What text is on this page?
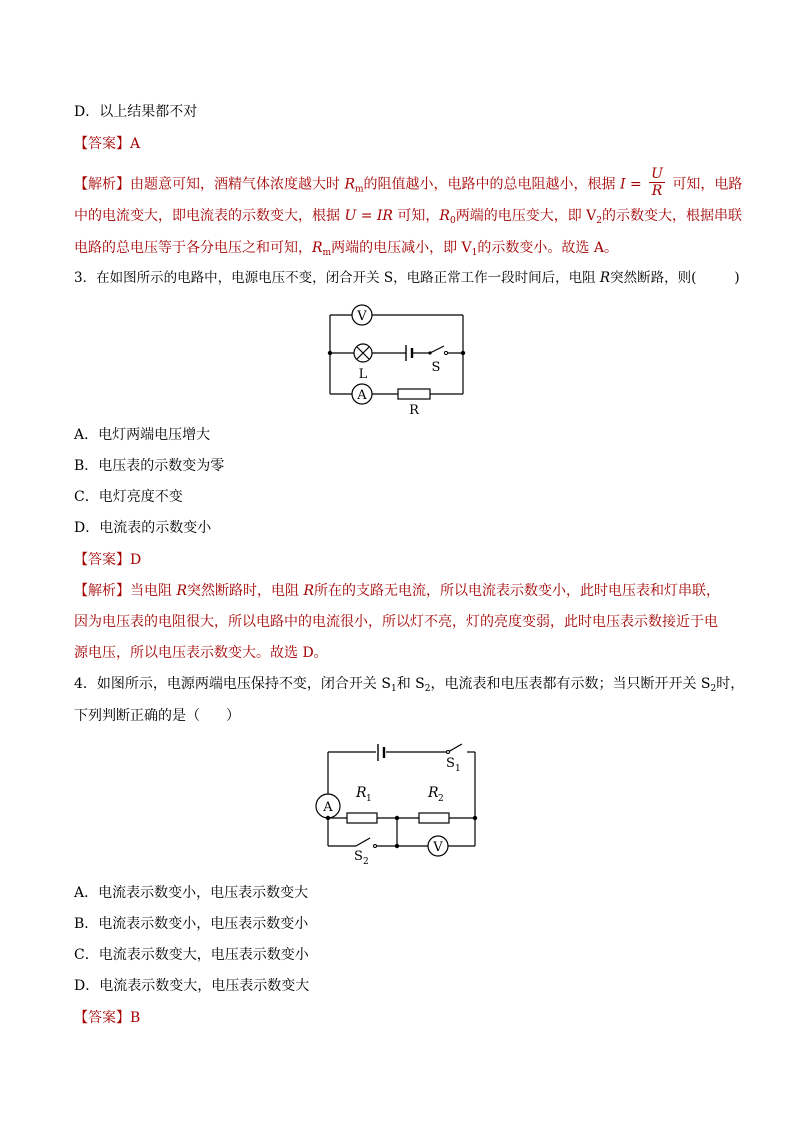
D．以上结果都不对
【答案】A
【解析】由题意可知，酒精气体浓度越大时 $R_m$的阻值越小，电路中的总电阻越小，根据 $I = \frac{U}{R}$ 可知，电路
中的电流变大，即电流表的示数变大，根据 U = IR 可知，$R_0$两端的电压变大，即 $V_2$的示数变大，根据串联
电路的总电压等于各分电压之和可知，$R_m$两端的电压减小，即 $V_1$的示数变小。故选 A。
3．在如图所示的电路中，电源电压不变，闭合开关 S，电路正常工作一段时间后，电阻 R突然断路，则(	)
V
A
L	S
R
A．电灯两端电压增大
B．电压表的示数变为零
C．电灯亮度不变
D．电流表的示数变小
【答案】D
【解析】当电阻 R突然断路时，电阻 R所在的支路无电流，所以电流表示数变小，此时电压表和灯串联，
因为电压表的电阻很大，所以电路中的电流很小，所以灯不亮，灯的亮度变弱，此时电压表示数接近于电
源电压，所以电压表示数变大。故选 D。
4．如图所示，电源两端电压保持不变，闭合开关 $S_1$和 $S_2$，电流表和电压表都有示数；当只断开开关 $S_2$时，
下列判断正确的是（ ）
A
V
R 1	R 2
S 1
S 2
A．电流表示数变小，电压表示数变大
B．电流表示数变小，电压表示数变小
C．电流表示数变大，电压表示数变小
D．电流表示数变大，电压表示数变大
【答案】B
